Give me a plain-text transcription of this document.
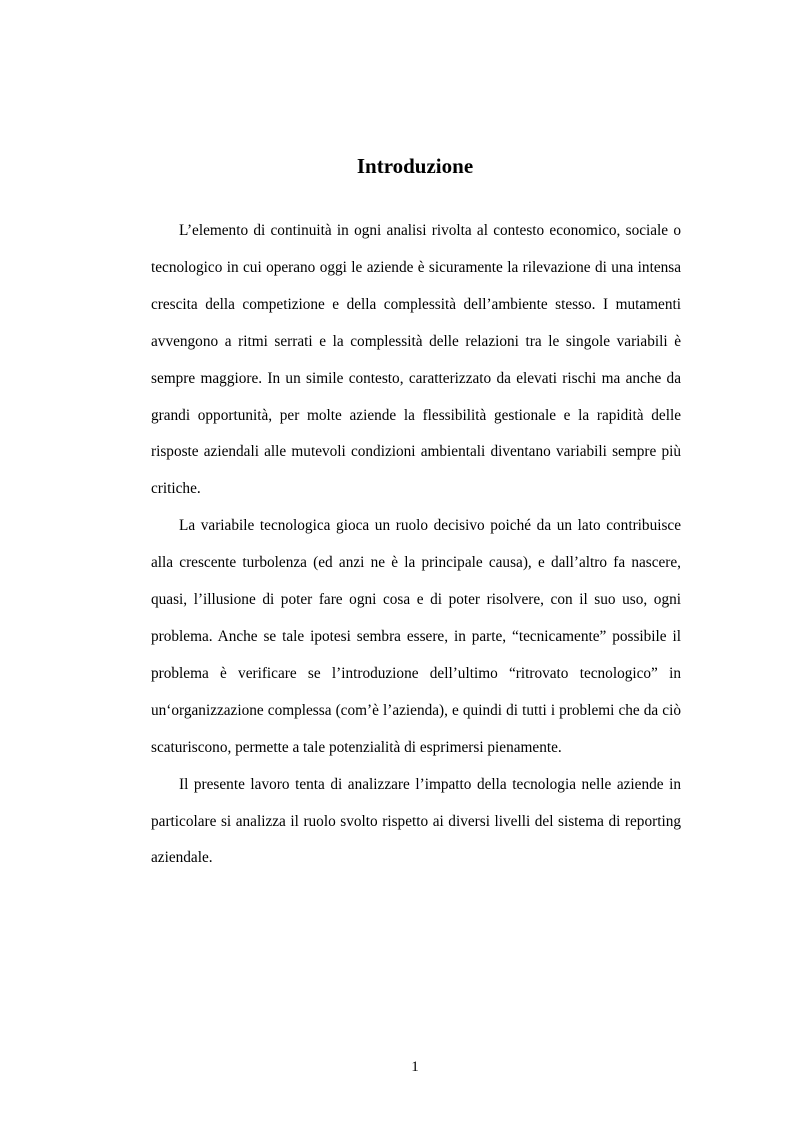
Introduzione

L’elemento di continuità in ogni analisi rivolta al contesto economico, sociale o tecnologico in cui operano oggi le aziende è sicuramente la rilevazione di una intensa crescita della competizione e della complessità dell’ambiente stesso. I mutamenti avvengono a ritmi serrati e la complessità delle relazioni tra le singole variabili è sempre maggiore. In un simile contesto, caratterizzato da elevati rischi ma anche da grandi opportunità, per molte aziende la flessibilità gestionale e la rapidità delle risposte aziendali alle mutevoli condizioni ambientali diventano variabili sempre più critiche.

La variabile tecnologica gioca un ruolo decisivo poiché da un lato contribuisce alla crescente turbolenza (ed anzi ne è la principale causa), e dall’altro fa nascere, quasi, l’illusione di poter fare ogni cosa e di poter risolvere, con il suo uso, ogni problema. Anche se tale ipotesi sembra essere, in parte, “tecnicamente” possibile il problema è verificare se l’introduzione dell’ultimo “ritrovato tecnologico” in un‘organizzazione complessa (com’è l’azienda), e quindi di tutti i problemi che da ciò scaturiscono, permette a tale potenzialità di esprimersi pienamente.

Il presente lavoro tenta di analizzare l’impatto della tecnologia nelle aziende in particolare si analizza il ruolo svolto rispetto ai diversi livelli del sistema di reporting aziendale.

1
